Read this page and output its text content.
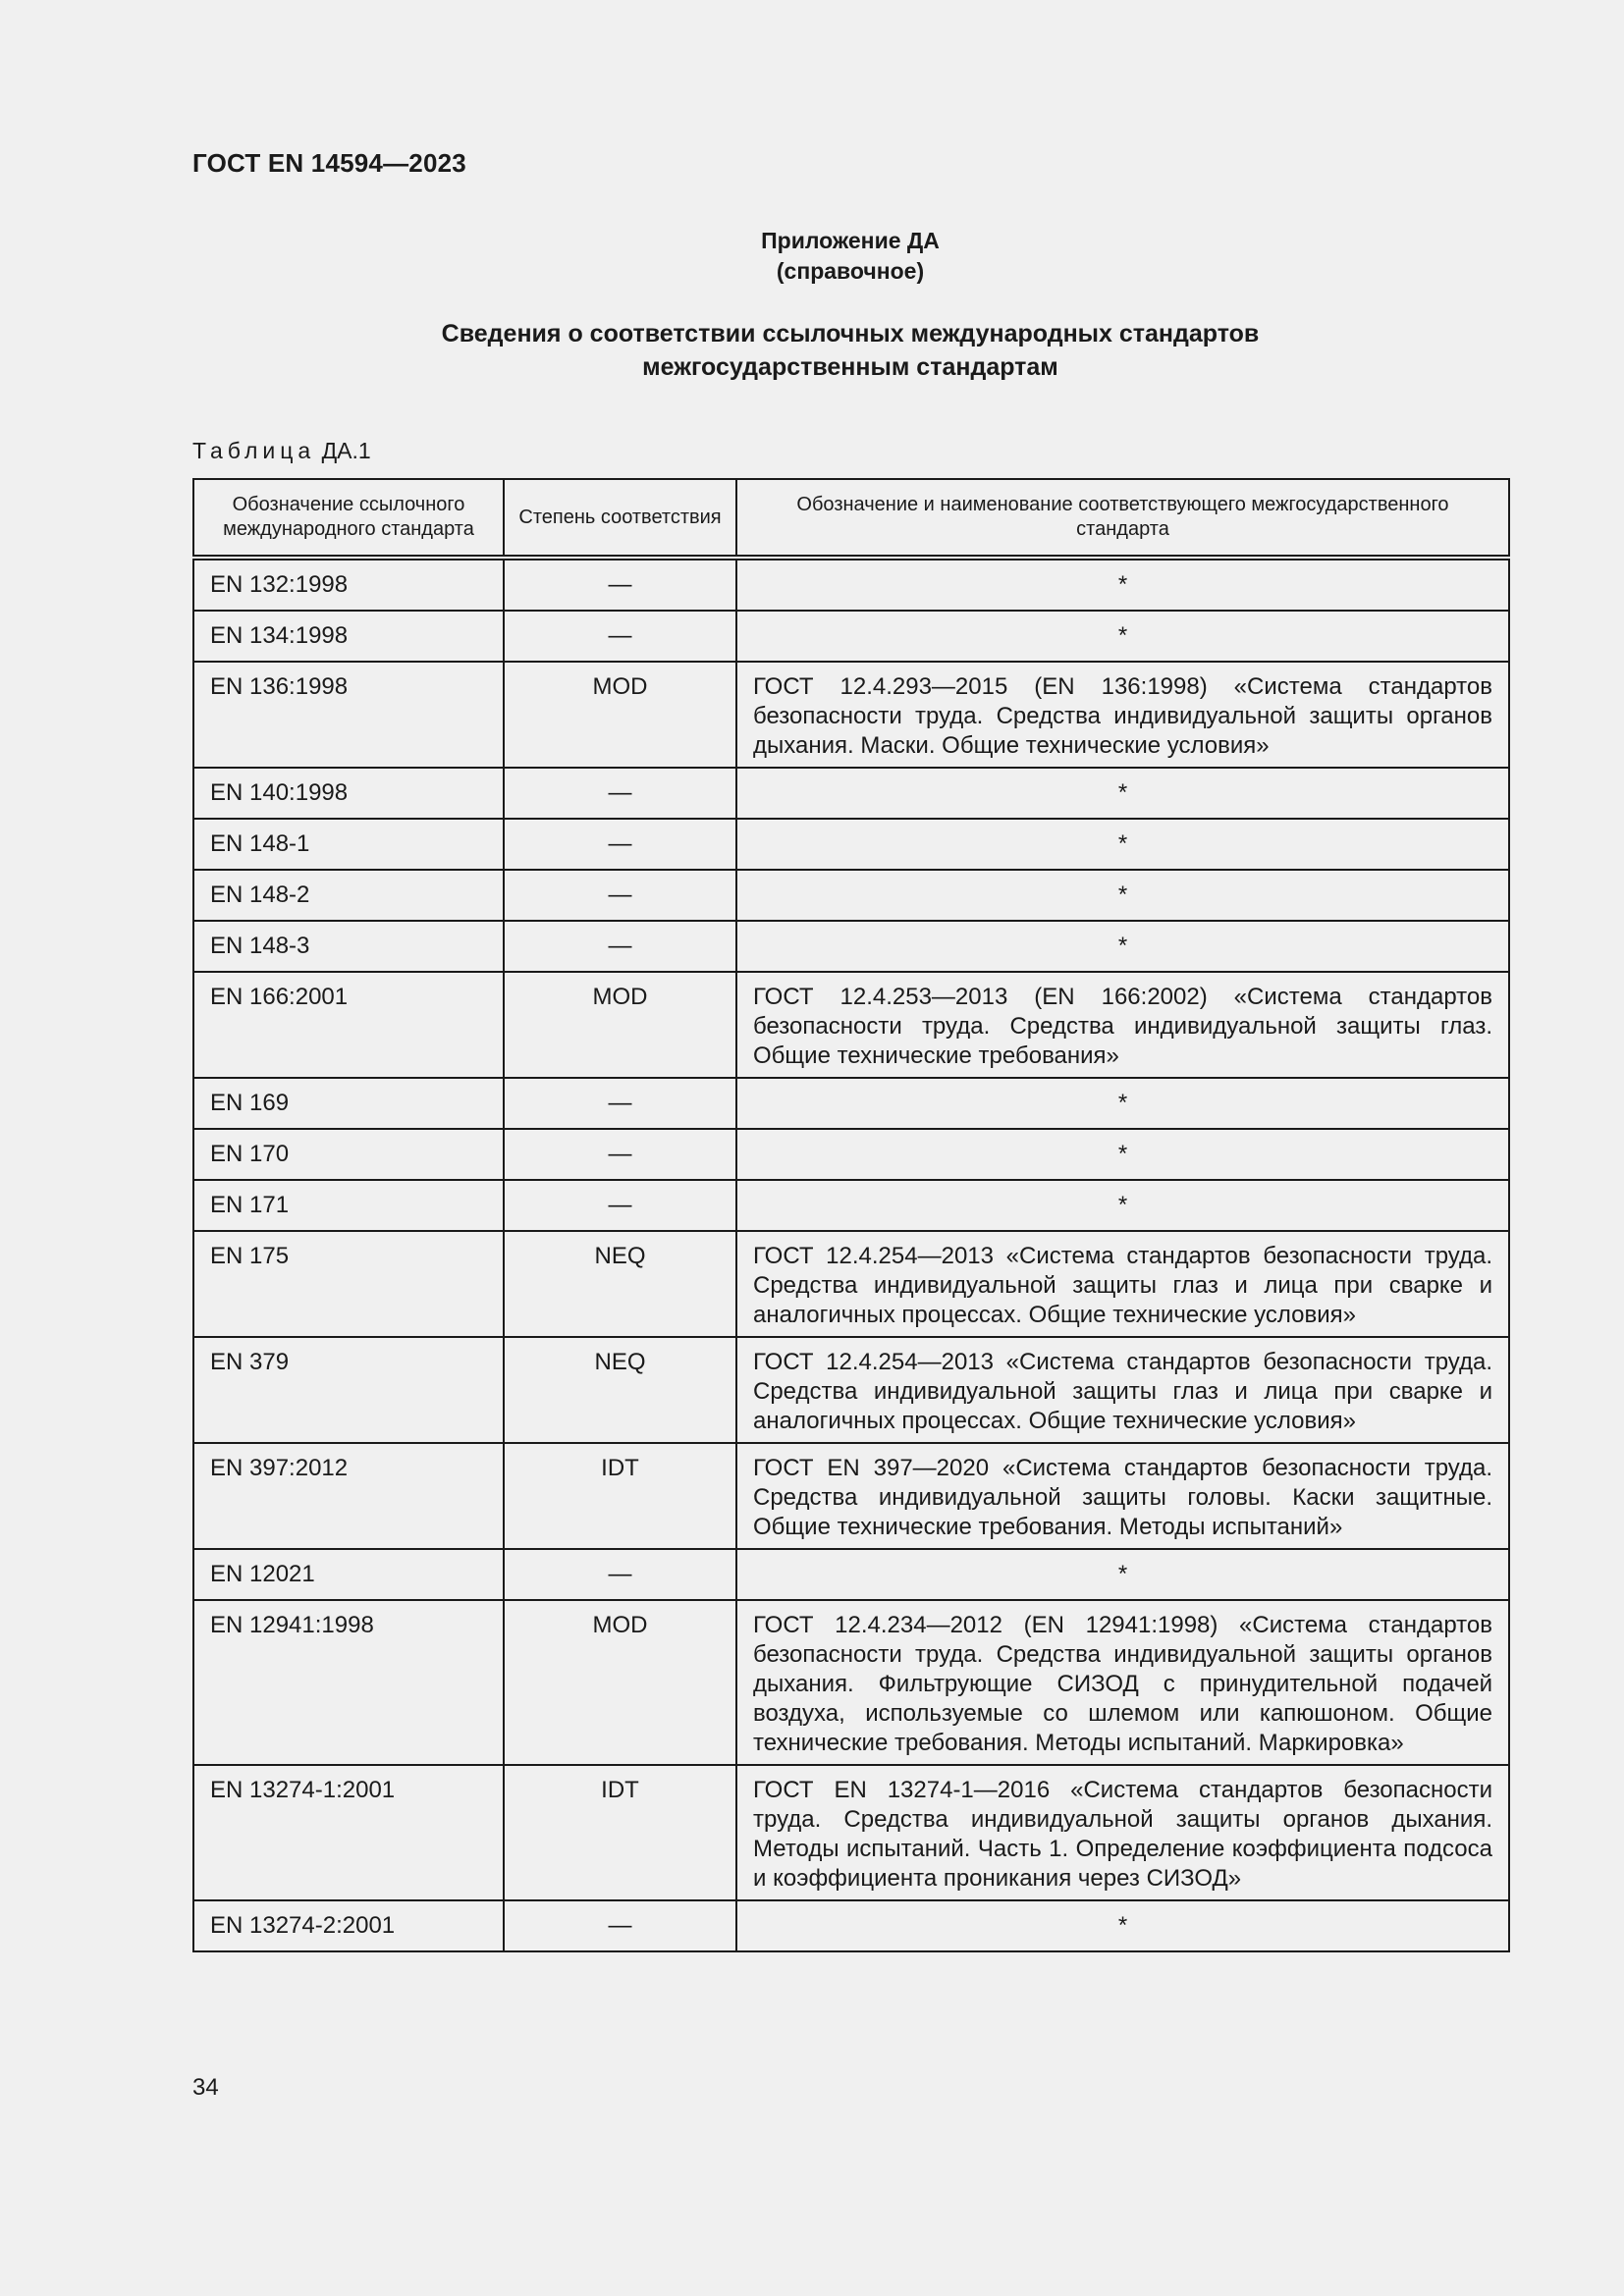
ГОСТ EN 14594—2023
Приложение ДА
(справочное)
Сведения о соответствии ссылочных международных стандартов
межгосударственным стандартам
Таблица ДА.1
Обозначение ссылочного международного стандарта	Степень соответствия	Обозначение и наименование соответствующего межгосударственного стандарта
EN 132:1998	—	*
EN 134:1998	—	*
EN 136:1998	MOD	ГОСТ 12.4.293—2015 (EN 136:1998) «Система стандартов безопасности труда. Средства индивидуальной защиты органов дыхания. Маски. Общие технические условия»
EN 140:1998	—	*
EN 148-1	—	*
EN 148-2	—	*
EN 148-3	—	*
EN 166:2001	MOD	ГОСТ 12.4.253—2013 (EN 166:2002) «Система стандартов безопасности труда. Средства индивидуальной защиты глаз. Общие технические требования»
EN 169	—	*
EN 170	—	*
EN 171	—	*
EN 175	NEQ	ГОСТ 12.4.254—2013 «Система стандартов безопасности труда. Средства индивидуальной защиты глаз и лица при сварке и аналогичных процессах. Общие технические условия»
EN 379	NEQ	ГОСТ 12.4.254—2013 «Система стандартов безопасности труда. Средства индивидуальной защиты глаз и лица при сварке и аналогичных процессах. Общие технические условия»
EN 397:2012	IDT	ГОСТ EN 397—2020 «Система стандартов безопасности труда. Средства индивидуальной защиты головы. Каски защитные. Общие технические требования. Методы испытаний»
EN 12021	—	*
EN 12941:1998	MOD	ГОСТ 12.4.234—2012 (EN 12941:1998) «Система стандартов безопасности труда. Средства индивидуальной защиты органов дыхания. Фильтрующие СИЗОД с принудительной подачей воздуха, используемые со шлемом или капюшоном. Общие технические требования. Методы испытаний. Маркировка»
EN 13274-1:2001	IDT	ГОСТ EN 13274-1—2016 «Система стандартов безопасности труда. Средства индивидуальной защиты органов дыхания. Методы испытаний. Часть 1. Определение коэффициента подсоса и коэффициента проникания через СИЗОД»
EN 13274-2:2001	—	*
34
